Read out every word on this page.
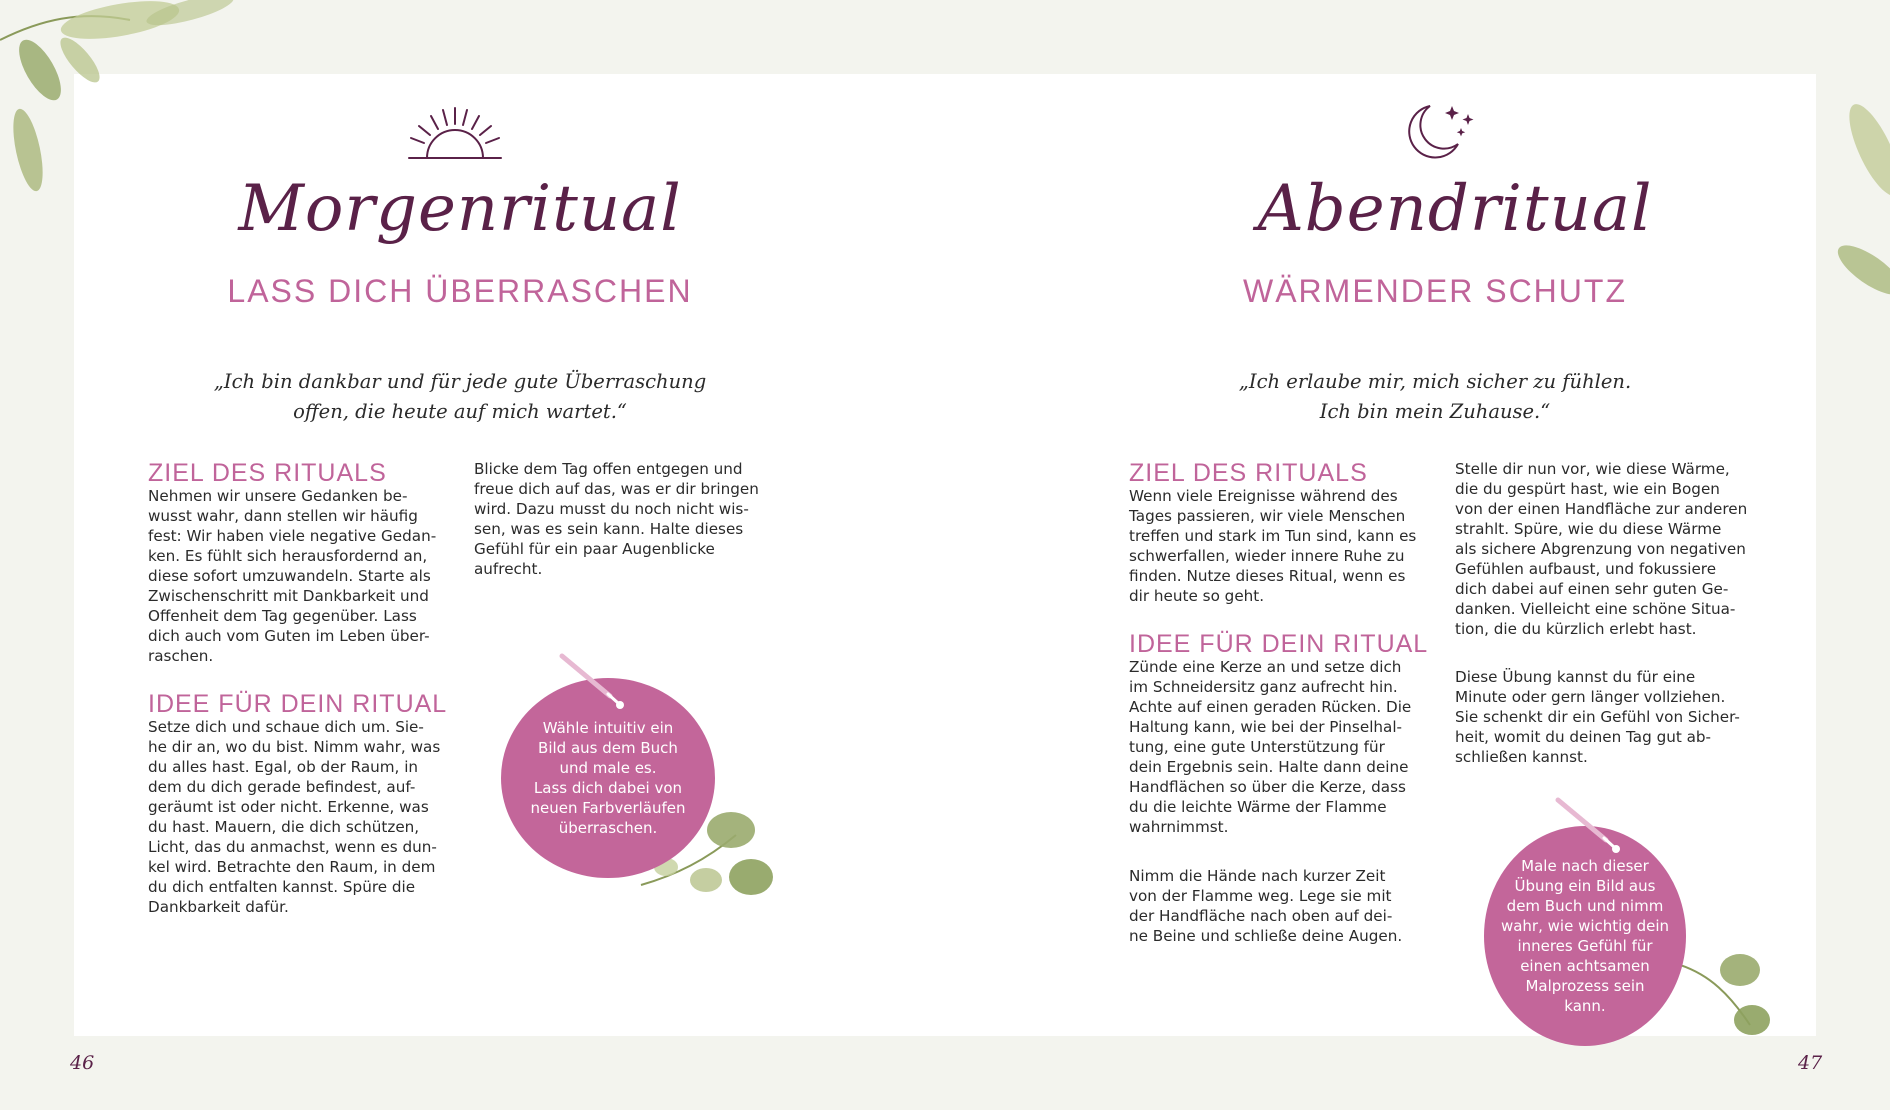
Morgenritual
LASS DICH ÜBERRASCHEN
„Ich bin dankbar und für jede gute Überraschung
offen, die heute auf mich wartet.“
ZIEL DES RITUALS
Nehmen wir unsere Gedanken be-
wusst wahr, dann stellen wir häufig
fest: Wir haben viele negative Gedan-
ken. Es fühlt sich herausfordernd an,
diese sofort umzuwandeln. Starte als
Zwischenschritt mit Dankbarkeit und
Offenheit dem Tag gegenüber. Lass
dich auch vom Guten im Leben über-
raschen.
IDEE FÜR DEIN RITUAL
Setze dich und schaue dich um. Sie-
he dir an, wo du bist. Nimm wahr, was
du alles hast. Egal, ob der Raum, in
dem du dich gerade befindest, auf-
geräumt ist oder nicht. Erkenne, was
du hast. Mauern, die dich schützen,
Licht, das du anmachst, wenn es dun-
kel wird. Betrachte den Raum, in dem
du dich entfalten kannst. Spüre die
Dankbarkeit dafür.
Blicke dem Tag offen entgegen und
freue dich auf das, was er dir bringen
wird. Dazu musst du noch nicht wis-
sen, was es sein kann. Halte dieses
Gefühl für ein paar Augenblicke
aufrecht.
Wähle intuitiv ein
Bild aus dem Buch
und male es.
Lass dich dabei von
neuen Farbverläufen
überraschen.
46
Abendritual
WÄRMENDER SCHUTZ
„Ich erlaube mir, mich sicher zu fühlen.
Ich bin mein Zuhause.“
ZIEL DES RITUALS
Wenn viele Ereignisse während des
Tages passieren, wir viele Menschen
treffen und stark im Tun sind, kann es
schwerfallen, wieder innere Ruhe zu
finden. Nutze dieses Ritual, wenn es
dir heute so geht.
IDEE FÜR DEIN RITUAL
Zünde eine Kerze an und setze dich
im Schneidersitz ganz aufrecht hin.
Achte auf einen geraden Rücken. Die
Haltung kann, wie bei der Pinselhal-
tung, eine gute Unterstützung für
dein Ergebnis sein. Halte dann deine
Handflächen so über die Kerze, dass
du die leichte Wärme der Flamme
wahrnimmst.
Nimm die Hände nach kurzer Zeit
von der Flamme weg. Lege sie mit
der Handfläche nach oben auf dei-
ne Beine und schließe deine Augen.
Stelle dir nun vor, wie diese Wärme,
die du gespürt hast, wie ein Bogen
von der einen Handfläche zur anderen
strahlt. Spüre, wie du diese Wärme
als sichere Abgrenzung von negativen
Gefühlen aufbaust, und fokussiere
dich dabei auf einen sehr guten Ge-
danken. Vielleicht eine schöne Situa-
tion, die du kürzlich erlebt hast.
Diese Übung kannst du für eine
Minute oder gern länger vollziehen.
Sie schenkt dir ein Gefühl von Sicher-
heit, womit du deinen Tag gut ab-
schließen kannst.
Male nach dieser
Übung ein Bild aus
dem Buch und nimm
wahr, wie wichtig dein
inneres Gefühl für
einen achtsamen
Malprozess sein
kann.
47
